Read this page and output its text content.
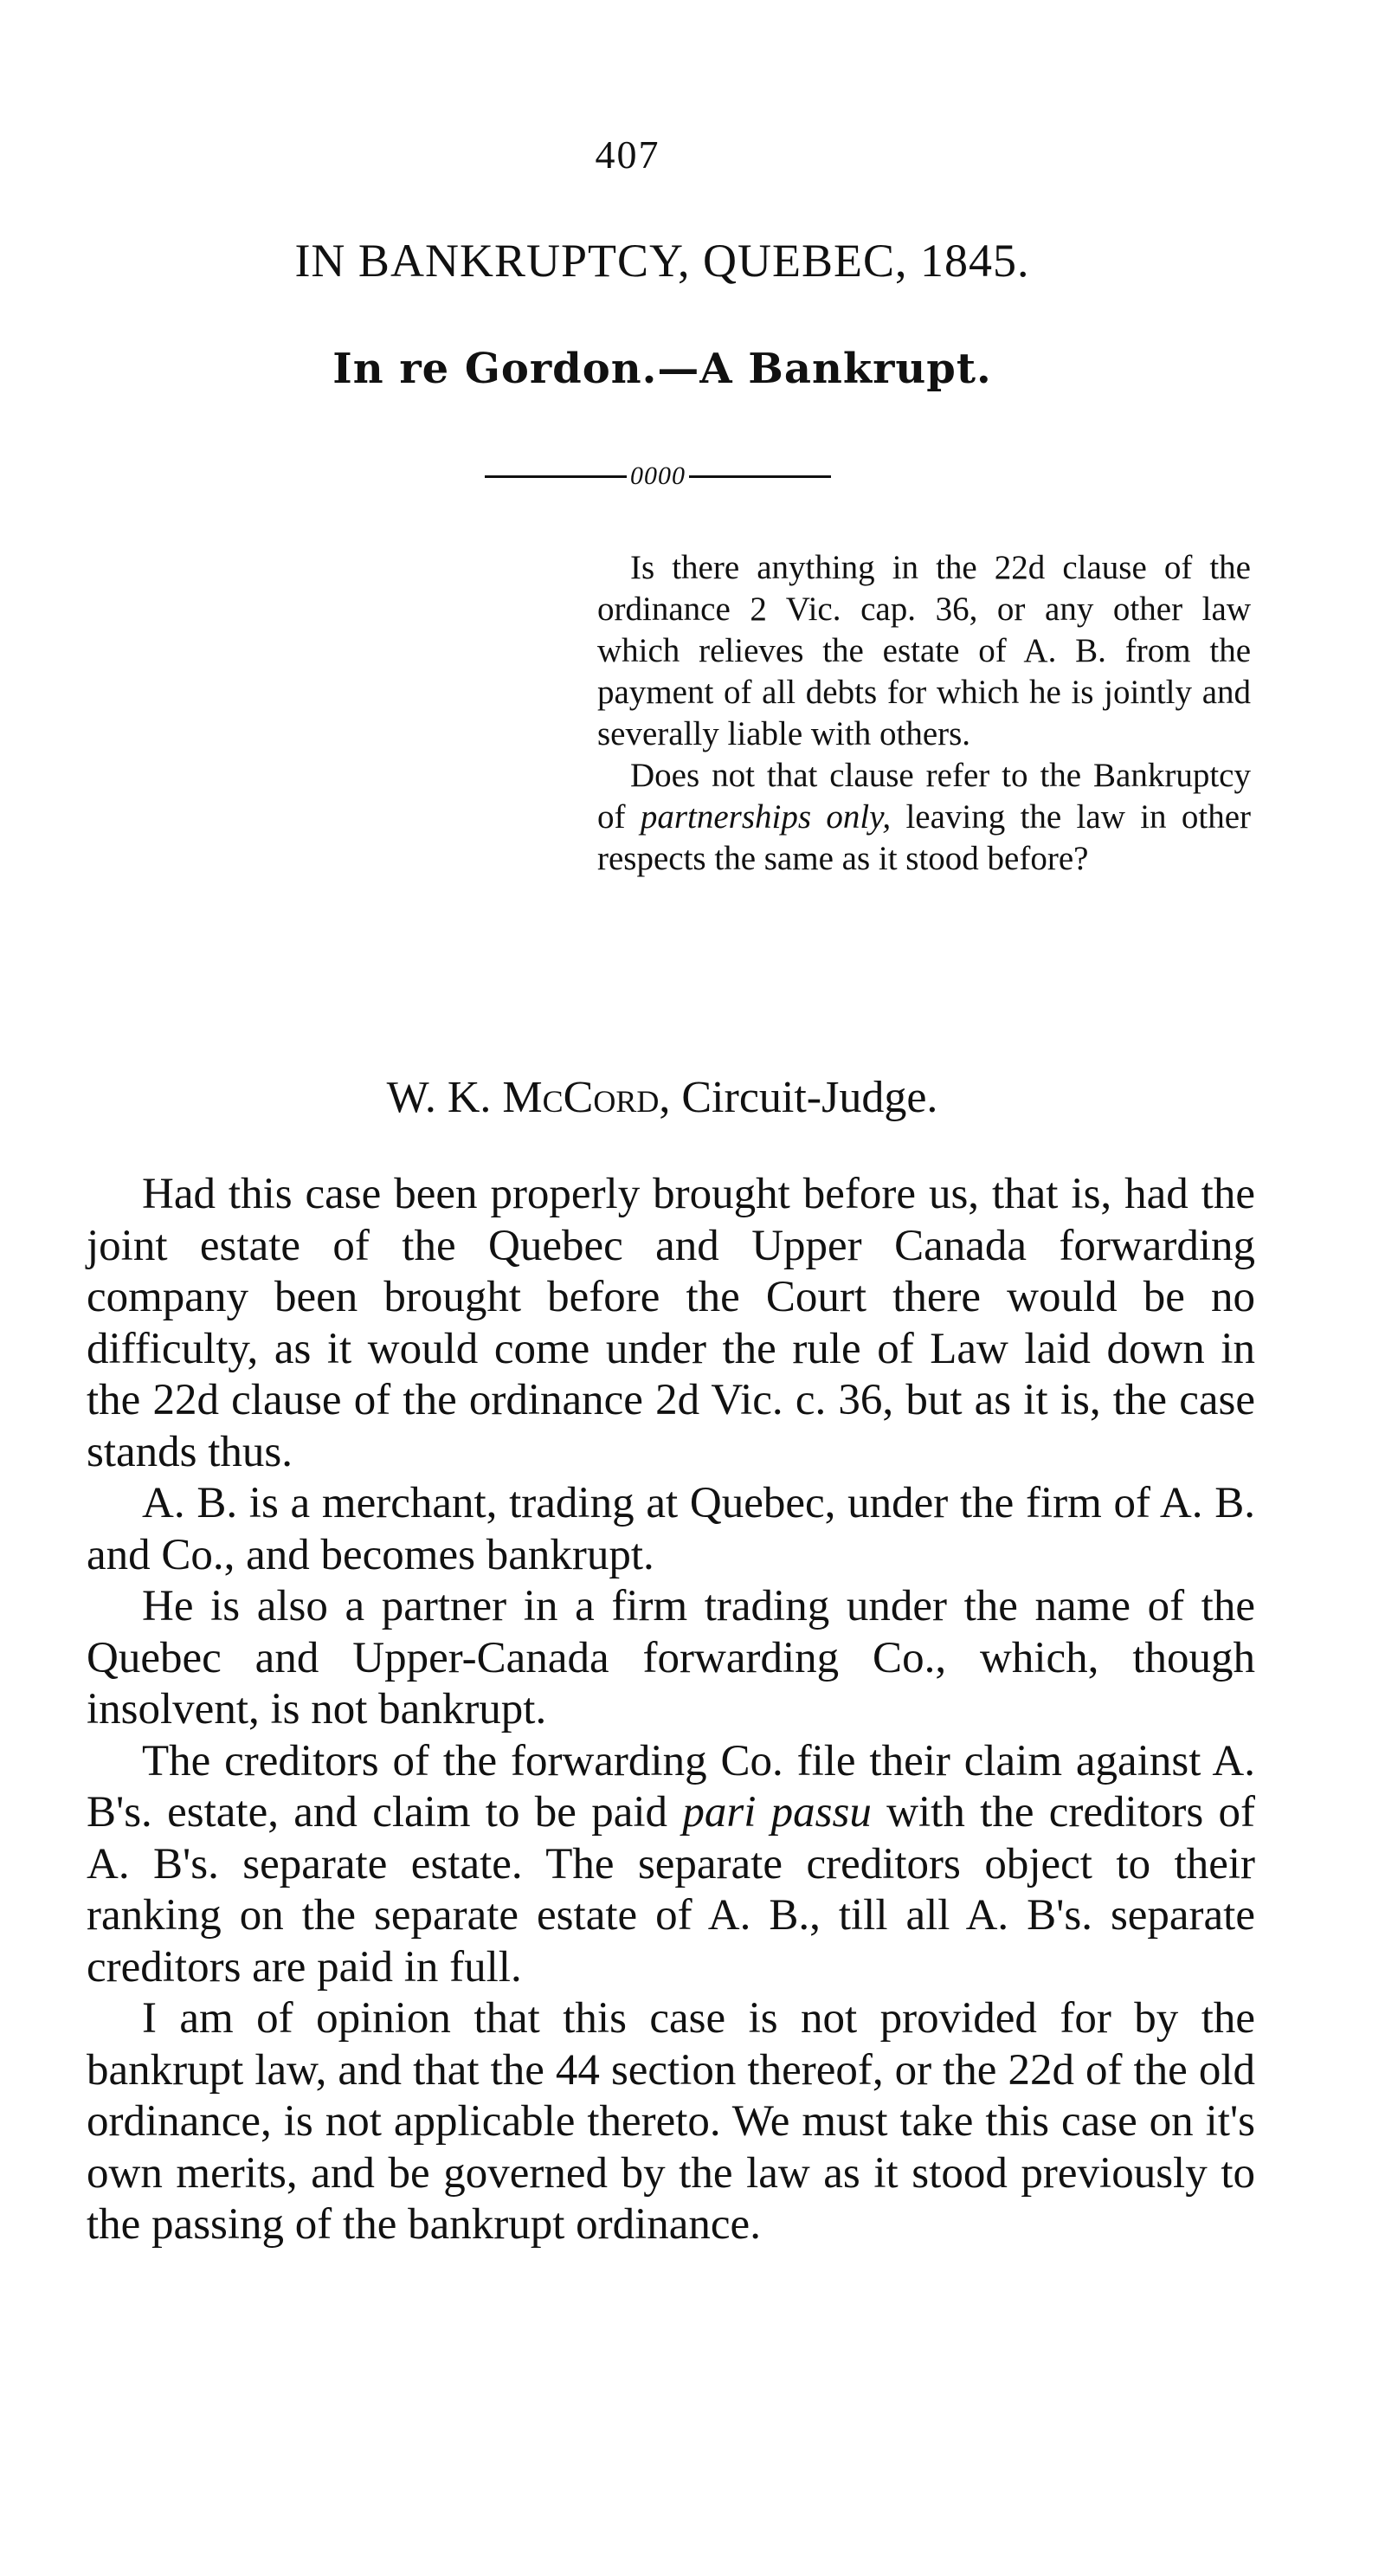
407
IN BANKRUPTCY, QUEBEC, 1845.
In re Gordon.—A Bankrupt.
0000

Is there anything in the 22d clause of the ordinance 2 Vic. cap. 36, or any other law which relieves the estate of A. B. from the payment of all debts for which he is jointly and severally liable with others.

Does not that clause refer to the Bankruptcy of partnerships only, leaving the law in other respects the same as it stood before?

W. K. McCord, Circuit-Judge.

Had this case been properly brought before us, that is, had the joint estate of the Quebec and Upper Canada forwarding company been brought before the Court there would be no difficulty, as it would come under the rule of Law laid down in the 22d clause of the ordinance 2d Vic. c. 36, but as it is, the case stands thus.

A. B. is a merchant, trading at Quebec, under the firm of A. B. and Co., and becomes bankrupt.

He is also a partner in a firm trading under the name of the Quebec and Upper-Canada forwarding Co., which, though insolvent, is not bankrupt.

The creditors of the forwarding Co. file their claim against A. B's. estate, and claim to be paid pari passu with the creditors of A. B's. separate estate. The separate creditors object to their ranking on the separate estate of A. B., till all A. B's. separate creditors are paid in full.

I am of opinion that this case is not provided for by the bankrupt law, and that the 44 section thereof, or the 22d of the old ordinance, is not applicable thereto. We must take this case on it's own merits, and be governed by the law as it stood previously to the passing of the bankrupt ordinance.
